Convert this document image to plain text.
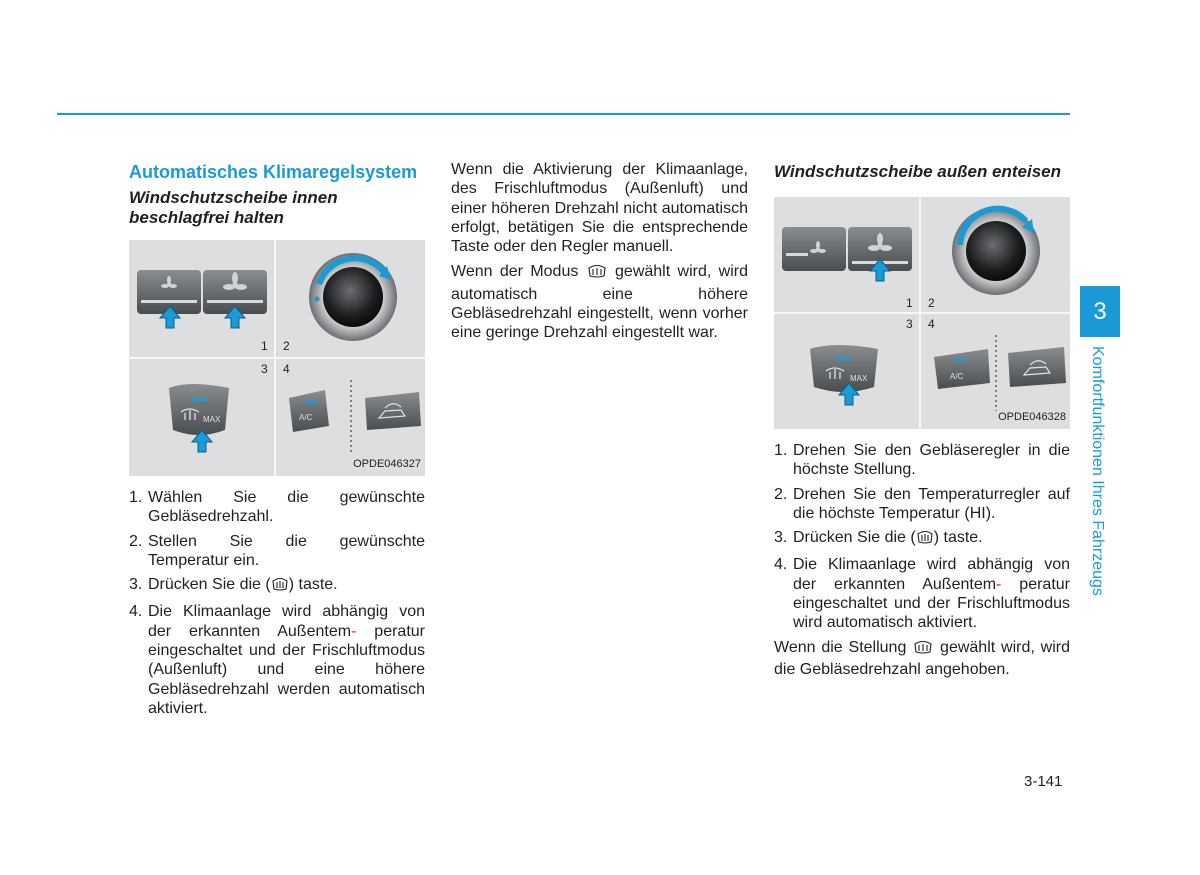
Automatisches Klimaregelsystem
Windschutzscheibe innen beschlagfrei halten
1 2
3 4
MAX	A/C
OPDE046327
1. Wählen Sie die gewünschte Gebläsedrehzahl.
2. Stellen Sie die gewünschte Temperatur ein.
3. Drücken Sie die ( ) taste.
4. Die Klimaanlage wird abhängig von der erkannten Außentem- peratur eingeschaltet und der Frischluftmodus (Außenluft) und eine höhere Gebläsedrehzahl werden automatisch aktiviert.

Wenn die Aktivierung der Klimaanlage, des Frischluftmodus (Außenluft) und einer höheren Drehzahl nicht automatisch erfolgt, betätigen Sie die entsprechende Taste oder den Regler manuell.

Wenn der Modus gewählt wird, wird automatisch eine höhere Gebläsedrehzahl eingestellt, wenn vorher eine geringe Drehzahl eingestellt war.

Windschutzscheibe außen enteisen
1 2
3 4
MAX	A/C
OPDE046328
1. Drehen Sie den Gebläseregler in die höchste Stellung.
2. Drehen Sie den Temperaturregler auf die höchste Temperatur (HI).
3. Drücken Sie die ( ) taste.
4. Die Klimaanlage wird abhängig von der erkannten Außentem- peratur eingeschaltet und der Frischluftmodus wird automatisch aktiviert.

Wenn die Stellung gewählt wird, wird die Gebläsedrehzahl angehoben.

3
Komfortfunktionen Ihres Fahrzeugs
3-141
